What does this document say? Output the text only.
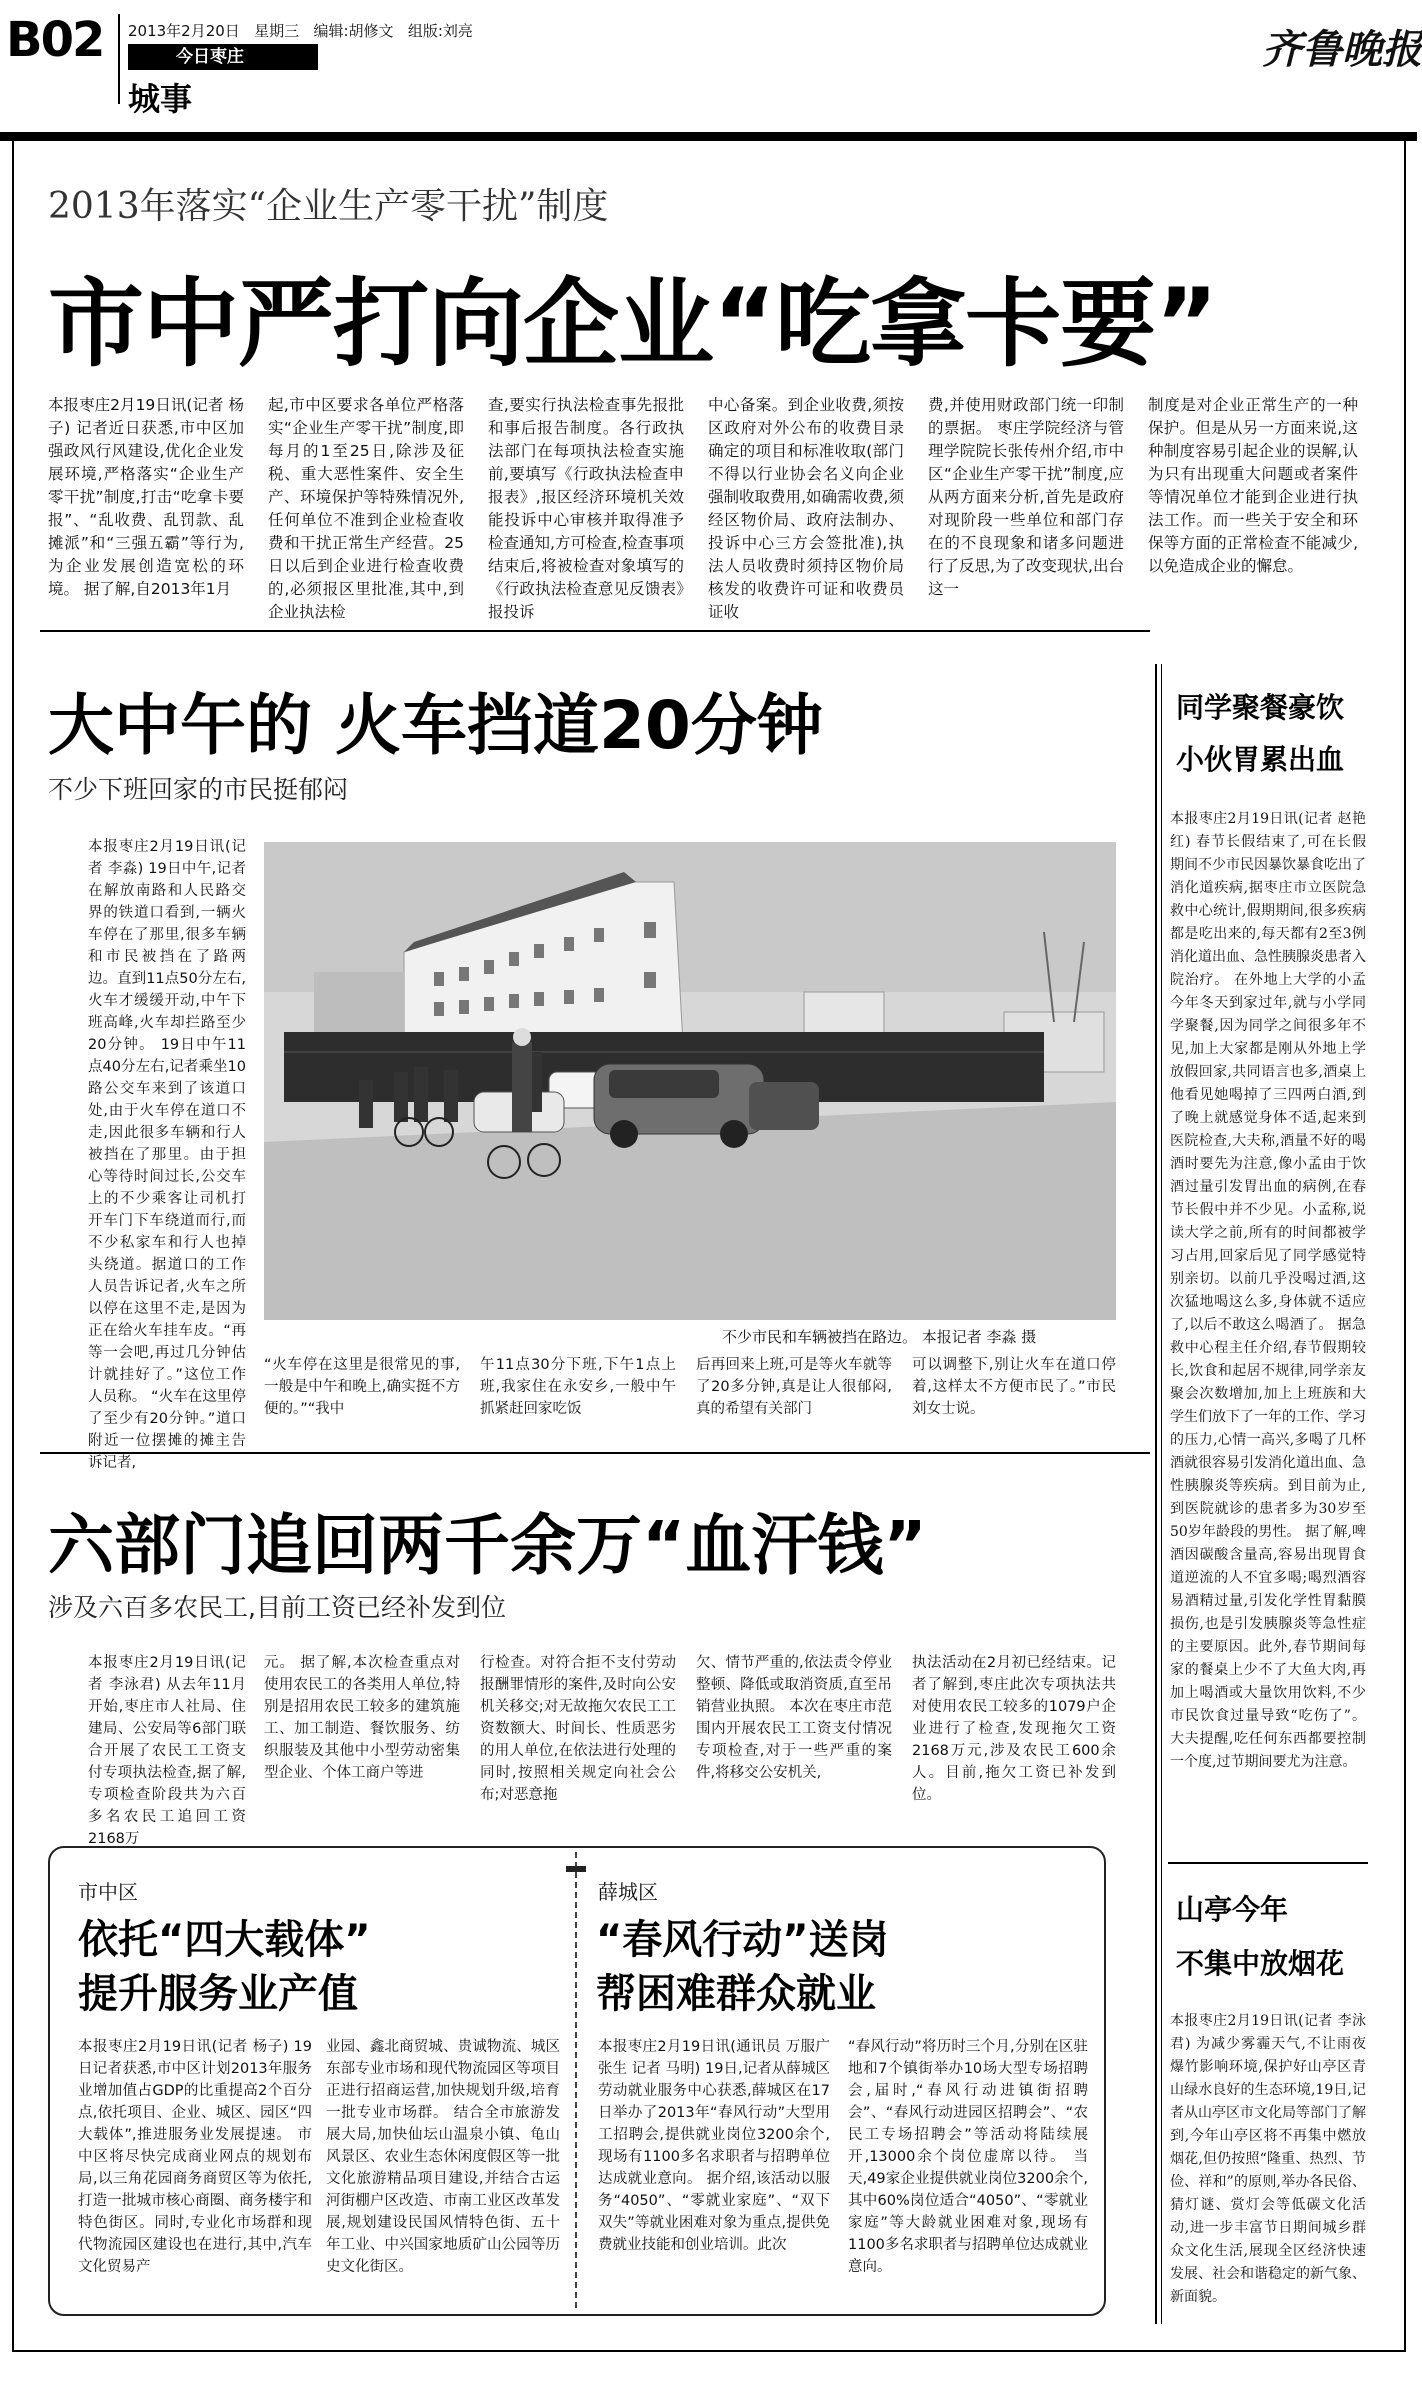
B02 2013年2月20日 星期三 编辑:胡修文 组版:刘亮
今日枣庄
城事
齐鲁晚报
2013年落实“企业生产零干扰”制度
市中严打向企业“吃拿卡要”

本报枣庄2月19日讯(记者 杨子) 记者近日获悉,市中区加强政风行风建设,优化企业发展环境,严格落实“企业生产零干扰”制度,打击“吃拿卡要报”、“乱收费、乱罚款、乱摊派”和“三强五霸”等行为,为企业发展创造宽松的环境。 据了解,自2013年1月

起,市中区要求各单位严格落实“企业生产零干扰”制度,即每月的1至25日,除涉及征税、重大恶性案件、安全生产、环境保护等特殊情况外,任何单位不准到企业检查收费和干扰正常生产经营。25日以后到企业进行检查收费的,必须报区里批准,其中,到企业执法检

查,要实行执法检查事先报批和事后报告制度。各行政执法部门在每项执法检查实施前,要填写《行政执法检查申报表》,报区经济环境机关效能投诉中心审核并取得准予检查通知,方可检查,检查事项结束后,将被检查对象填写的《行政执法检查意见反馈表》报投诉

中心备案。到企业收费,须按区政府对外公布的收费目录确定的项目和标准收取(部门不得以行业协会名义向企业强制收取费用,如确需收费,须经区物价局、政府法制办、投诉中心三方会签批准),执法人员收费时须持区物价局核发的收费许可证和收费员证收

费,并使用财政部门统一印制的票据。 枣庄学院经济与管理学院院长张传州介绍,市中区“企业生产零干扰”制度,应从两方面来分析,首先是政府对现阶段一些单位和部门存在的不良现象和诸多问题进行了反思,为了改变现状,出台这一

制度是对企业正常生产的一种保护。但是从另一方面来说,这种制度容易引起企业的误解,认为只有出现重大问题或者案件等情况单位才能到企业进行执法工作。而一些关于安全和环保等方面的正常检查不能减少,以免造成企业的懈怠。

大中午的 火车挡道20分钟
不少下班回家的市民挺郁闷

本报枣庄2月19日讯(记者 李淼) 19日中午,记者在解放南路和人民路交界的铁道口看到,一辆火车停在了那里,很多车辆和市民被挡在了路两边。直到11点50分左右,火车才缓缓开动,中午下班高峰,火车却拦路至少20分钟。 19日中午11点40分左右,记者乘坐10路公交车来到了该道口处,由于火车停在道口不走,因此很多车辆和行人被挡在了那里。由于担心等待时间过长,公交车上的不少乘客让司机打开车门下车绕道而行,而不少私家车和行人也掉头绕道。据道口的工作人员告诉记者,火车之所以停在这里不走,是因为正在给火车挂车皮。“再等一会吧,再过几分钟估计就挂好了。”这位工作人员称。 “火车在这里停了至少有20分钟。”道口附近一位摆摊的摊主告诉记者,

不少市民和车辆被挡在路边。 本报记者 李淼 摄

“火车停在这里是很常见的事,一般是中午和晚上,确实挺不方便的。”“我中

午11点30分下班,下午1点上班,我家住在永安乡,一般中午抓紧赶回家吃饭

后再回来上班,可是等火车就等了20多分钟,真是让人很郁闷,真的希望有关部门

可以调整下,别让火车在道口停着,这样太不方便市民了。”市民刘女士说。

六部门追回两千余万“血汗钱”
涉及六百多农民工,目前工资已经补发到位

本报枣庄2月19日讯(记者 李泳君) 从去年11月开始,枣庄市人社局、住建局、公安局等6部门联合开展了农民工工资支付专项执法检查,据了解,专项检查阶段共为六百多名农民工追回工资2168万

元。 据了解,本次检查重点对使用农民工的各类用人单位,特别是招用农民工较多的建筑施工、加工制造、餐饮服务、纺织服装及其他中小型劳动密集型企业、个体工商户等进

行检查。对符合拒不支付劳动报酬罪情形的案件,及时向公安机关移交;对无故拖欠农民工工资数额大、时间长、性质恶劣的用人单位,在依法进行处理的同时,按照相关规定向社会公布;对恶意拖

欠、情节严重的,依法责令停业整顿、降低或取消资质,直至吊销营业执照。 本次在枣庄市范围内开展农民工工资支付情况专项检查,对于一些严重的案件,将移交公安机关,

执法活动在2月初已经结束。记者了解到,枣庄此次专项执法共对使用农民工较多的1079户企业进行了检查,发现拖欠工资2168万元,涉及农民工600余人。目前,拖欠工资已补发到位。

市中区
依托“四大载体”
提升服务业产值

本报枣庄2月19日讯(记者 杨子) 19日记者获悉,市中区计划2013年服务业增加值占GDP的比重提高2个百分点,依托项目、企业、城区、园区“四大载体”,推进服务业发展提速。 市中区将尽快完成商业网点的规划布局,以三角花园商务商贸区等为依托,打造一批城市核心商圈、商务楼宇和特色街区。同时,专业化市场群和现代物流园区建设也在进行,其中,汽车文化贸易产

业园、鑫北商贸城、贵诚物流、城区东部专业市场和现代物流园区等项目正进行招商运营,加快规划升级,培育一批专业市场群。 结合全市旅游发展大局,加快仙坛山温泉小镇、龟山风景区、农业生态休闲度假区等一批文化旅游精品项目建设,并结合古运河街棚户区改造、市南工业区改革发展,规划建设民国风情特色街、五十年工业、中兴国家地质矿山公园等历史文化街区。

薛城区
“春风行动”送岗
帮困难群众就业

本报枣庄2月19日讯(通讯员 万服广 张生 记者 马明) 19日,记者从薛城区劳动就业服务中心获悉,薛城区在17日举办了2013年“春风行动”大型用工招聘会,提供就业岗位3200余个,现场有1100多名求职者与招聘单位达成就业意向。 据介绍,该活动以服务“4050”、“零就业家庭”、“双下双失”等就业困难对象为重点,提供免费就业技能和创业培训。此次

“春风行动”将历时三个月,分别在区驻地和7个镇街举办10场大型专场招聘会,届时,“春风行动进镇街招聘会”、“春风行动进园区招聘会”、“农民工专场招聘会”等活动将陆续展开,13000余个岗位虚席以待。 当天,49家企业提供就业岗位3200余个,其中60%岗位适合“4050”、“零就业家庭”等大龄就业困难对象,现场有1100多名求职者与招聘单位达成就业意向。

同学聚餐豪饮
小伙胃累出血

本报枣庄2月19日讯(记者 赵艳红) 春节长假结束了,可在长假期间不少市民因暴饮暴食吃出了消化道疾病,据枣庄市立医院急救中心统计,假期期间,很多疾病都是吃出来的,每天都有2至3例消化道出血、急性胰腺炎患者入院治疗。 在外地上大学的小孟今年冬天到家过年,就与小学同学聚餐,因为同学之间很多年不见,加上大家都是刚从外地上学放假回家,共同语言也多,酒桌上他看见她喝掉了三四两白酒,到了晚上就感觉身体不适,起来到医院检查,大夫称,酒量不好的喝酒时要先为注意,像小孟由于饮酒过量引发胃出血的病例,在春节长假中并不少见。小孟称,说读大学之前,所有的时间都被学习占用,回家后见了同学感觉特别亲切。以前几乎没喝过酒,这次猛地喝这么多,身体就不适应了,以后不敢这么喝酒了。 据急救中心程主任介绍,春节假期较长,饮食和起居不规律,同学亲友聚会次数增加,加上上班族和大学生们放下了一年的工作、学习的压力,心情一高兴,多喝了几杯酒就很容易引发消化道出血、急性胰腺炎等疾病。到目前为止,到医院就诊的患者多为30岁至50岁年龄段的男性。 据了解,啤酒因碳酸含量高,容易出现胃食道逆流的人不宜多喝;喝烈酒容易酒精过量,引发化学性胃黏膜损伤,也是引发胰腺炎等急性症的主要原因。此外,春节期间每家的餐桌上少不了大鱼大肉,再加上喝酒或大量饮用饮料,不少市民饮食过量导致“吃伤了”。大夫提醒,吃任何东西都要控制一个度,过节期间要尤为注意。

山亭今年
不集中放烟花

本报枣庄2月19日讯(记者 李泳君) 为减少雾霾天气,不让雨夜爆竹影响环境,保护好山亭区青山绿水良好的生态环境,19日,记者从山亭区市文化局等部门了解到,今年山亭区将不再集中燃放烟花,但仍按照“隆重、热烈、节俭、祥和”的原则,举办各民俗、猜灯谜、赏灯会等低碳文化活动,进一步丰富节日期间城乡群众文化生活,展现全区经济快速发展、社会和谐稳定的新气象、新面貌。
